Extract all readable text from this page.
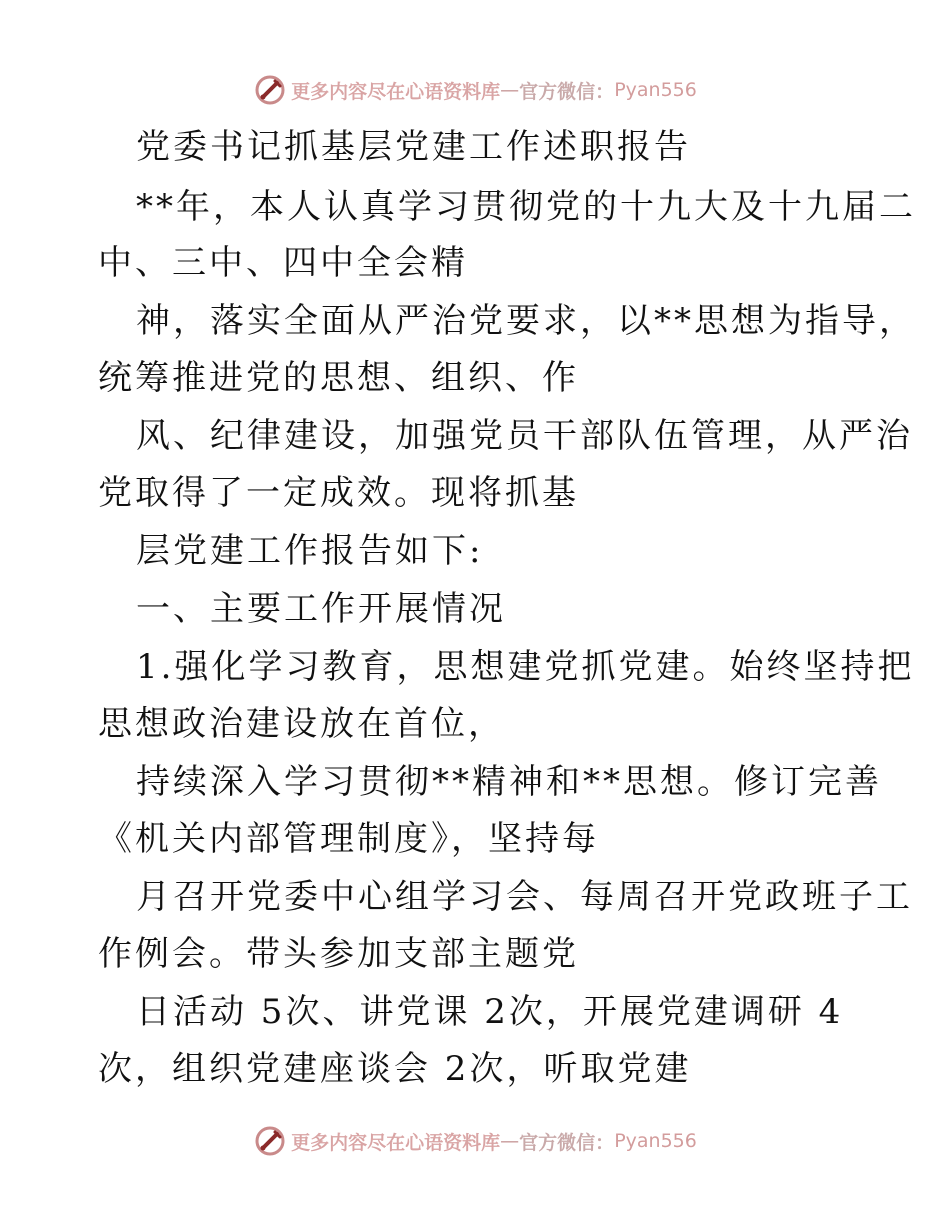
更多内容尽在心语资料库 — 官方微信： Pyan556
党委书记抓基层党建工作述职报告
**年，本人认真学习贯彻党的十九大及十九届二
中、三中、四中全会精
神，落实全面从严治党要求，以**思想为指导，
统筹推进党的思想、组织、作
风、纪律建设，加强党员干部队伍管理，从严治
党取得了一定成效。现将抓基
层党建工作报告如下:
一、主要工作开展情况
1.强化学习教育，思想建党抓党建。始终坚持把
思想政治建设放在首位，
持续深入学习贯彻**精神和**思想。修订完善
《机关内部管理制度》，坚持每
月召开党委中心组学习会、每周召开党政班子工
作例会。带头参加支部主题党
日活动 5次、讲党课 2次，开展党建调研 4
次，组织党建座谈会 2次，听取党建
更多内容尽在心语资料库 — 官方微信： Pyan556
